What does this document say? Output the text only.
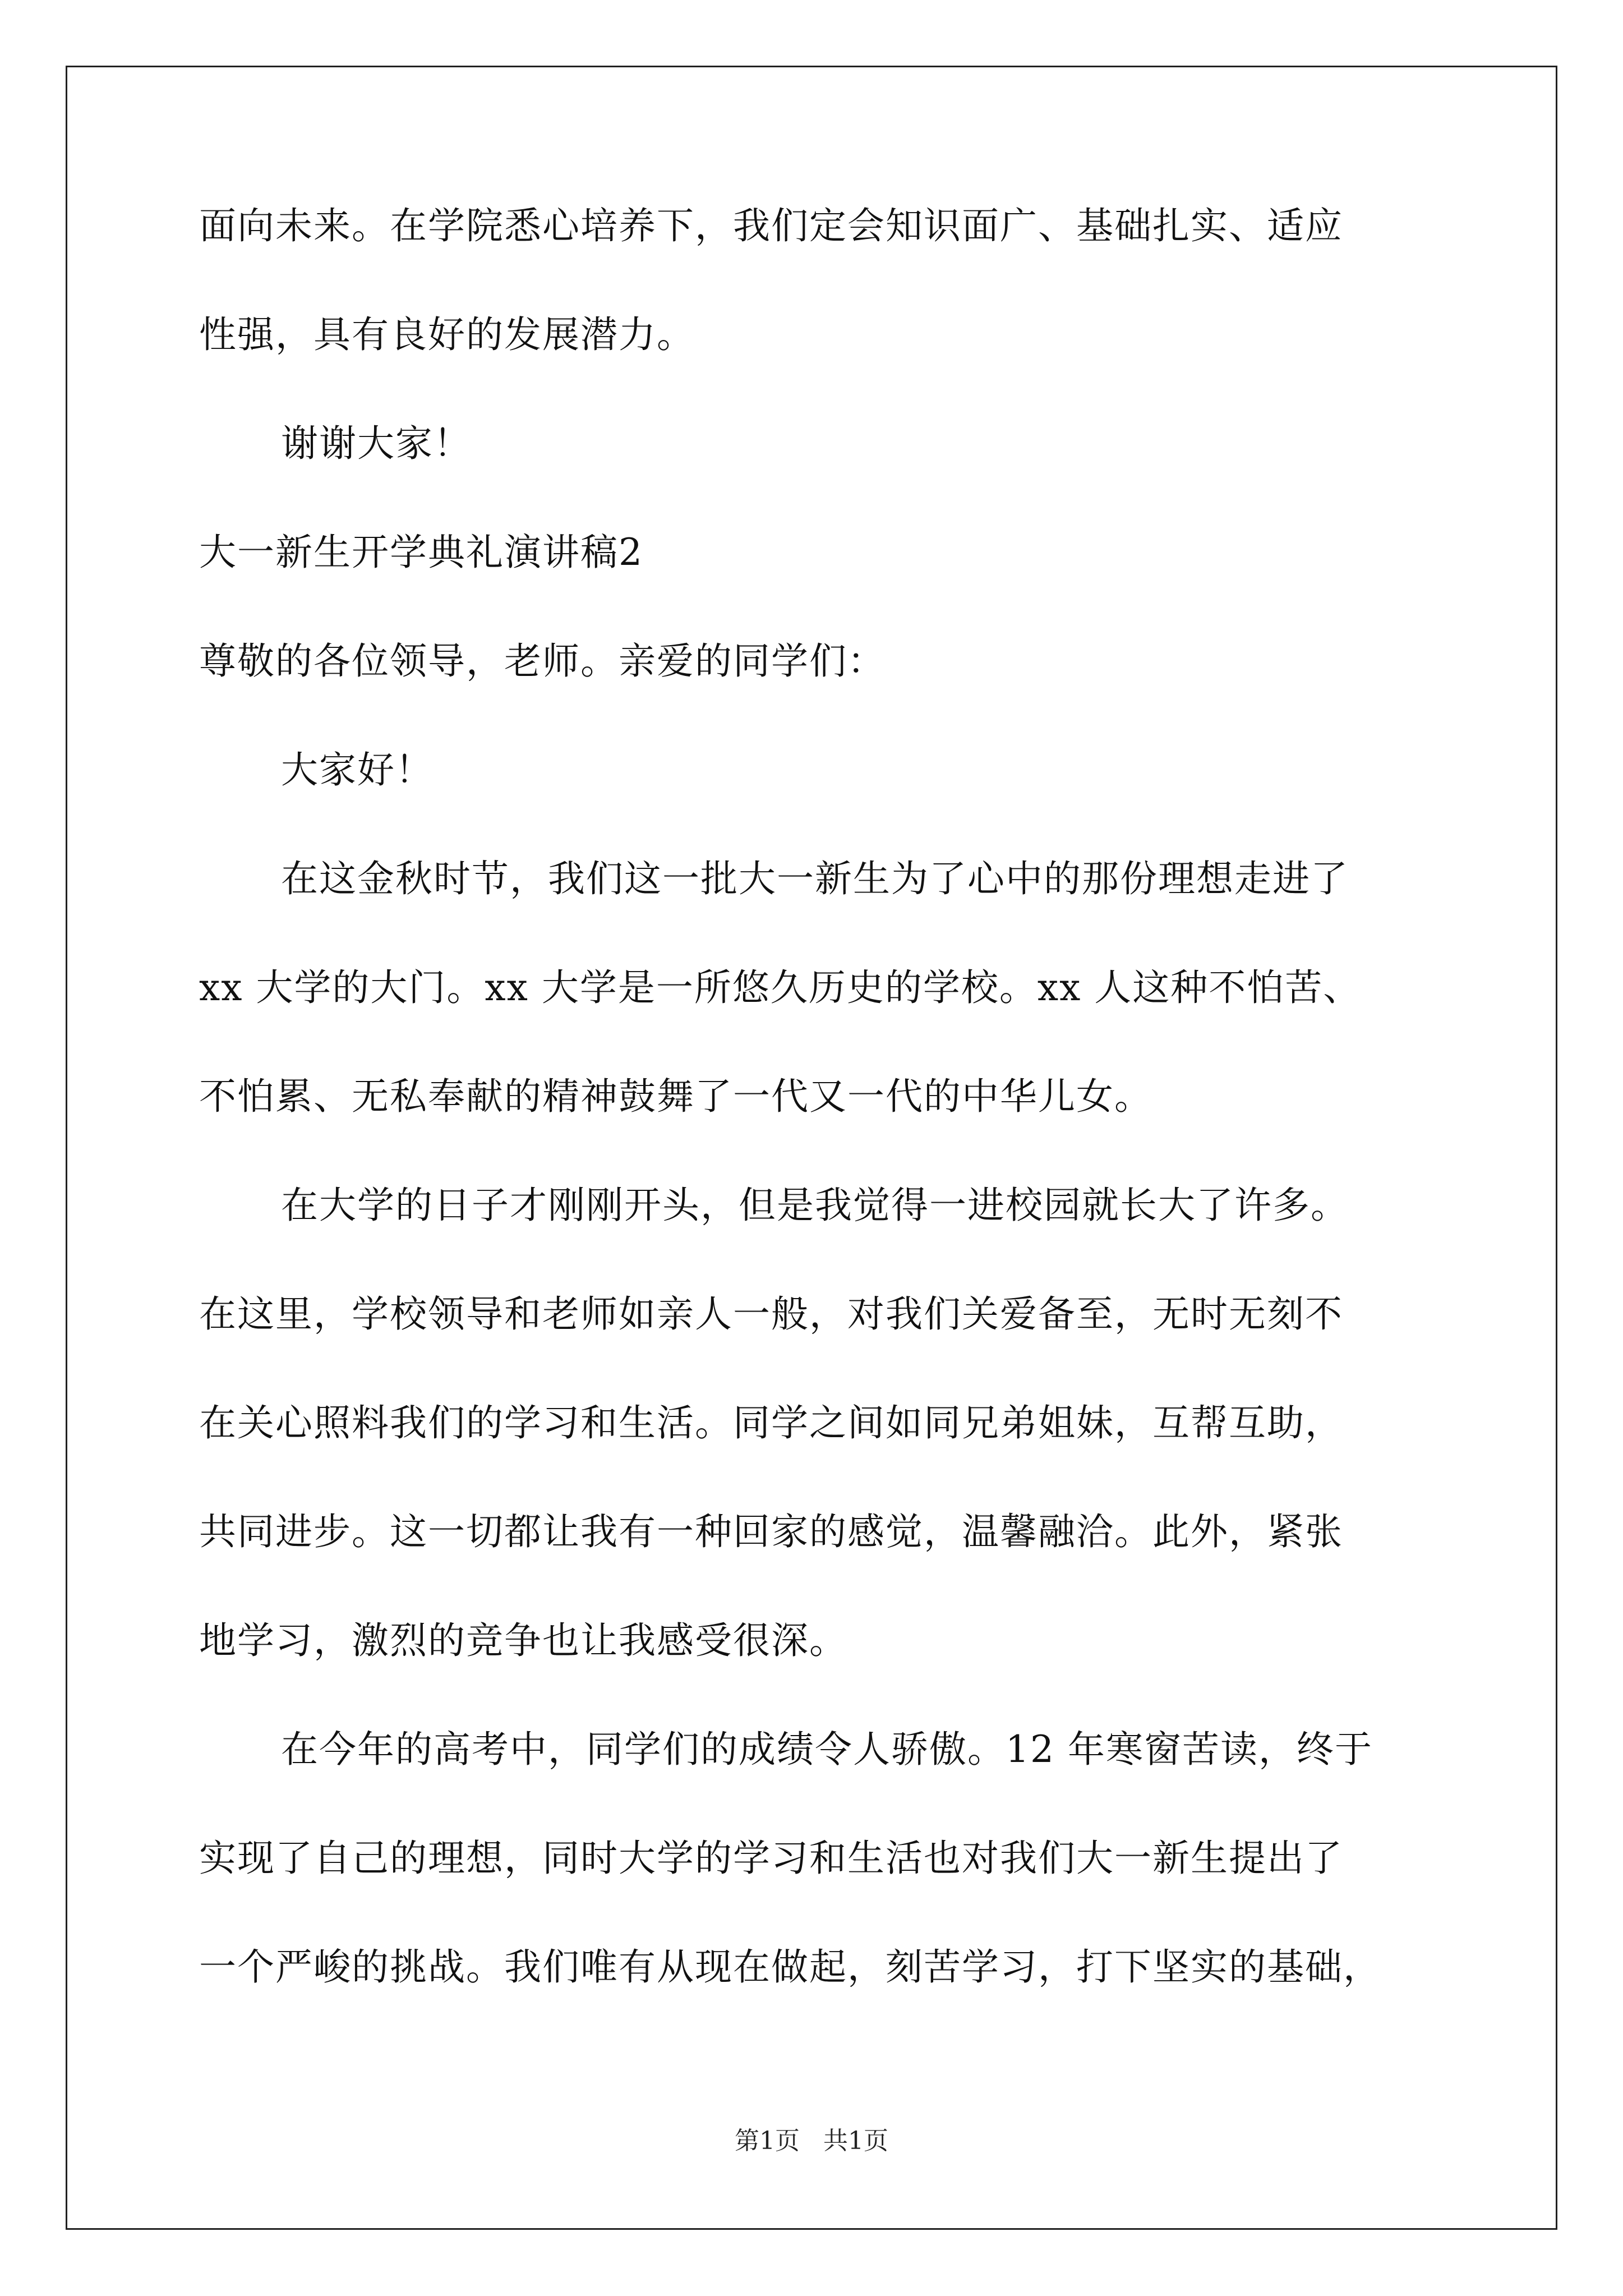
面向未来。在学院悉心培养下，我们定会知识面广、基础扎实、适应
性强，具有良好的发展潜力。
谢谢大家！
大一新生开学典礼演讲稿2
尊敬的各位领导，老师。亲爱的同学们：
大家好！
在这金秋时节，我们这一批大一新生为了心中的那份理想走进了
xx 大学的大门。xx 大学是一所悠久历史的学校。xx 人这种不怕苦、
不怕累、无私奉献的精神鼓舞了一代又一代的中华儿女。
在大学的日子才刚刚开头，但是我觉得一进校园就长大了许多。
在这里，学校领导和老师如亲人一般，对我们关爱备至，无时无刻不
在关心照料我们的学习和生活。同学之间如同兄弟姐妹，互帮互助，
共同进步。这一切都让我有一种回家的感觉，温馨融洽。此外，紧张
地学习，激烈的竞争也让我感受很深。
在今年的高考中，同学们的成绩令人骄傲。12 年寒窗苦读，终于
实现了自己的理想，同时大学的学习和生活也对我们大一新生提出了
一个严峻的挑战。我们唯有从现在做起，刻苦学习，打下坚实的基础，
第1页   共1页
